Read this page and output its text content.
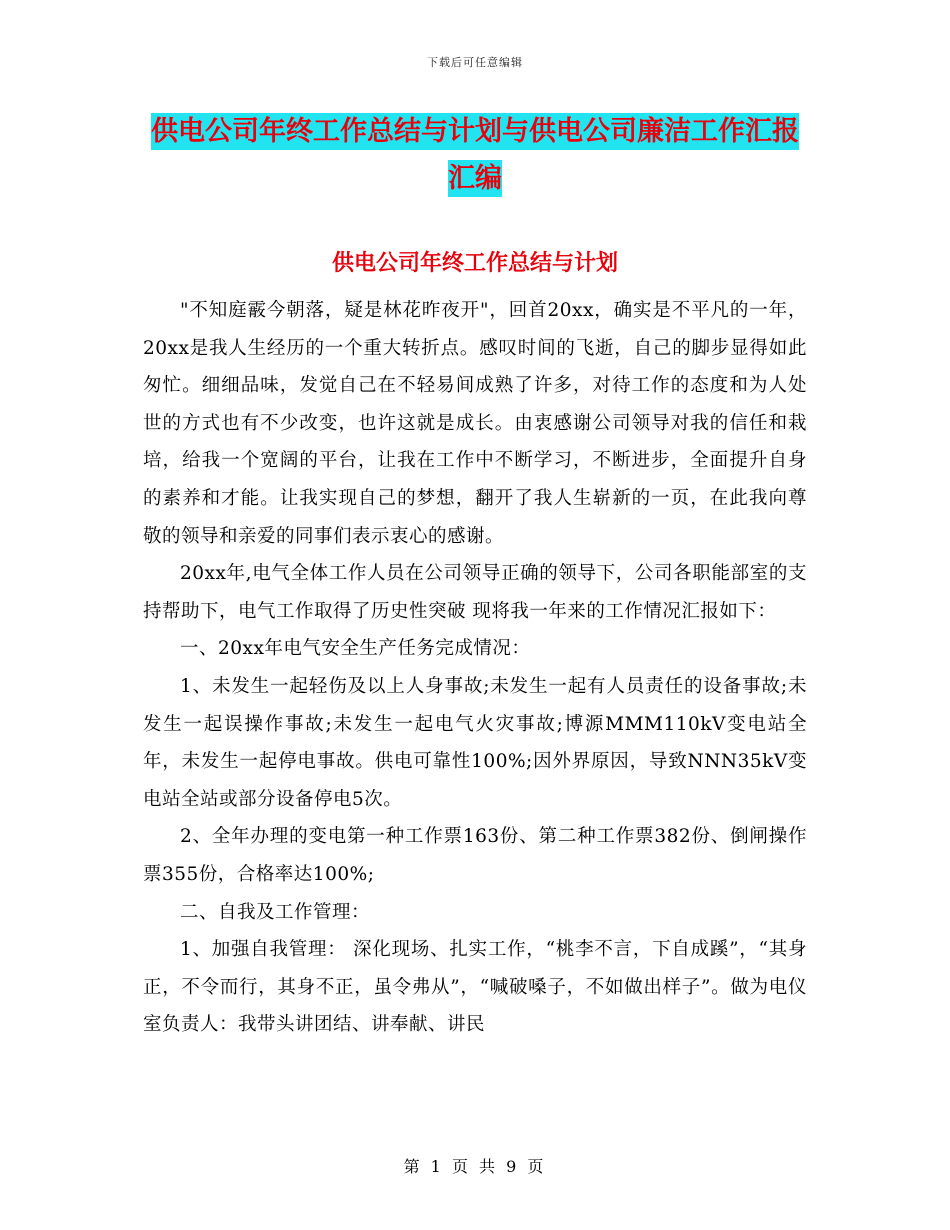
下载后可任意编辑
供电公司年终工作总结与计划与供电公司廉洁工作汇报汇编
供电公司年终工作总结与计划

"不知庭霰今朝落，疑是林花昨夜开"，回首20xx，确实是不平凡的一年，20xx是我人生经历的一个重大转折点。感叹时间的飞逝，自己的脚步显得如此匆忙。细细品味，发觉自己在不轻易间成熟了许多，对待工作的态度和为人处世的方式也有不少改变，也许这就是成长。由衷感谢公司领导对我的信任和栽培，给我一个宽阔的平台，让我在工作中不断学习，不断进步，全面提升自身的素养和才能。让我实现自己的梦想，翻开了我人生崭新的一页，在此我向尊敬的领导和亲爱的同事们表示衷心的感谢。

20xx年,电气全体工作人员在公司领导正确的领导下，公司各职能部室的支持帮助下，电气工作取得了历史性突破 现将我一年来的工作情况汇报如下：

一、20xx年电气安全生产任务完成情况：

1、未发生一起轻伤及以上人身事故;未发生一起有人员责任的设备事故;未发生一起误操作事故;未发生一起电气火灾事故;博源MMM110kV变电站全年，未发生一起停电事故。供电可靠性100%;因外界原因，导致NNN35kV变电站全站或部分设备停电5次。

2、全年办理的变电第一种工作票163份、第二种工作票382份、倒闸操作票355份，合格率达100%;

二、自我及工作管理：

1、加强自我管理： 深化现场、扎实工作，“桃李不言，下自成蹊”，“其身正，不令而行，其身不正，虽令弗从”，“喊破嗓子，不如做出样子”。做为电仪室负责人：我带头讲团结、讲奉献、讲民

第 1 页 共 9 页
